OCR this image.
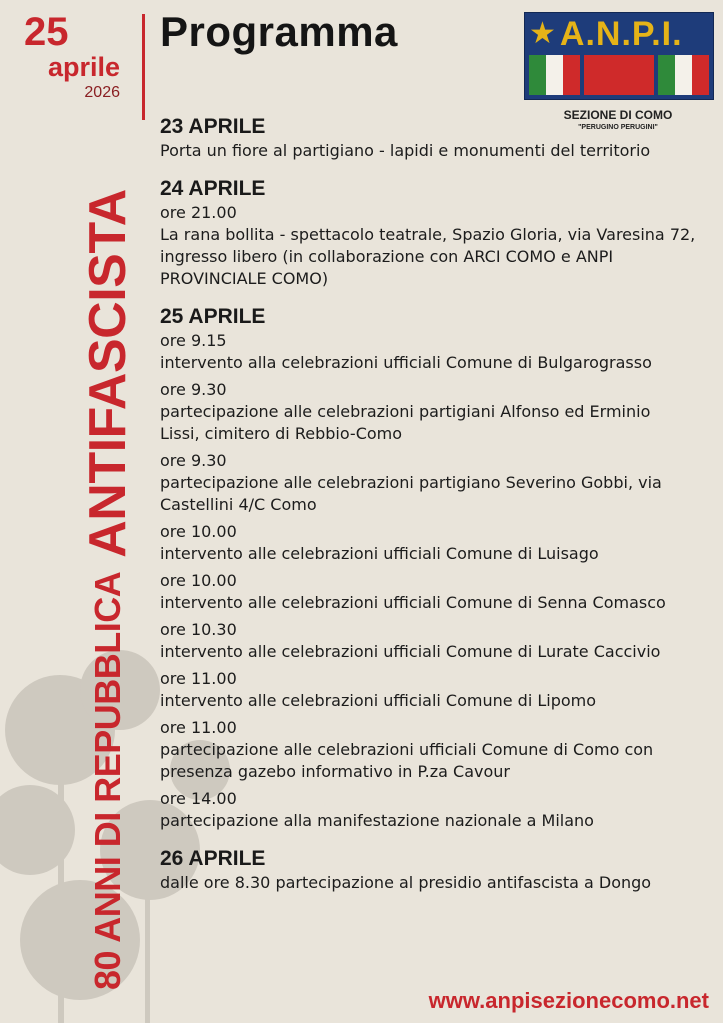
25
aprile
2026
Programma	★ A.N.P.I.
SEZIONE DI COMO
"PERUGINO PERUGINI"
80 ANNI DI REPUBBLICA
ANTIFASCISTA
23 APRILE
Porta un fiore al partigiano - lapidi e monumenti del territorio
24 APRILE
ore 21.00
La rana bollita - spettacolo teatrale, Spazio Gloria, via Varesina 72,
ingresso libero (in collaborazione con ARCI COMO e ANPI
PROVINCIALE COMO)
25 APRILE
ore 9.15
intervento alla celebrazioni ufficiali Comune di Bulgarograsso
ore 9.30
partecipazione alle celebrazioni partigiani Alfonso ed Erminio
Lissi, cimitero di Rebbio-Como
ore 9.30
partecipazione alle celebrazioni partigiano Severino Gobbi, via
Castellini 4/C Como
ore 10.00
intervento alle celebrazioni ufficiali Comune di Luisago
ore 10.00
intervento alle celebrazioni ufficiali Comune di Senna Comasco
ore 10.30
intervento alle celebrazioni ufficiali Comune di Lurate Caccivio
ore 11.00
intervento alle celebrazioni ufficiali Comune di Lipomo
ore 11.00
partecipazione alle celebrazioni ufficiali Comune di Como con
presenza gazebo informativo in P.za Cavour
ore 14.00
partecipazione alla manifestazione nazionale a Milano
26 APRILE
dalle ore 8.30 partecipazione al presidio antifascista a Dongo
www.anpisezionecomo.net
